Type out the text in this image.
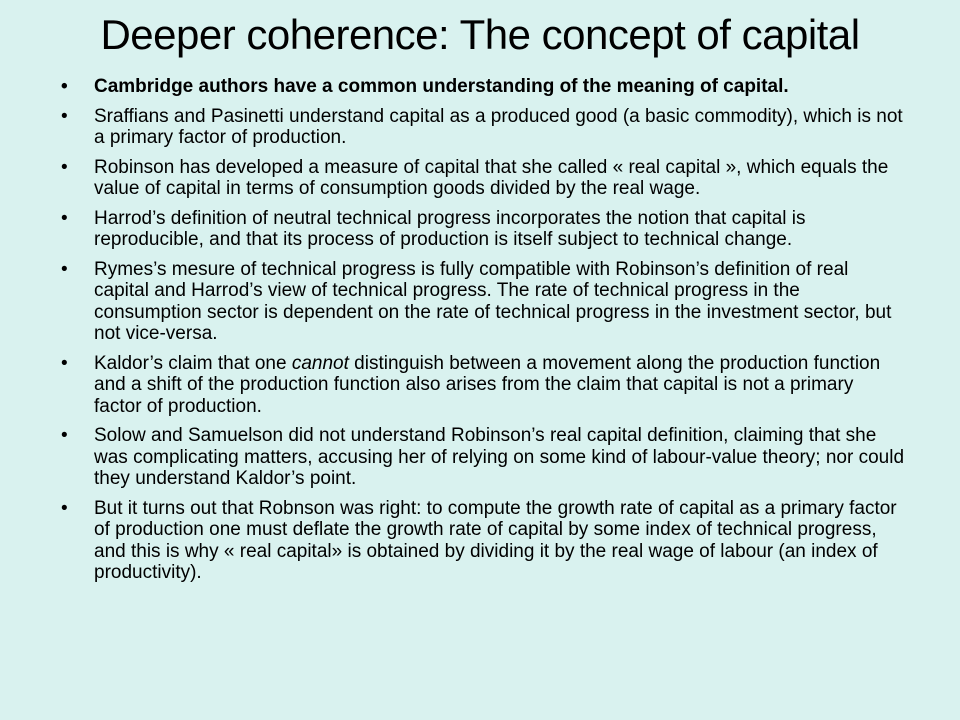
Deeper coherence: The concept of capital
• Cambridge authors have a common understanding of the meaning of capital.
• Sraffians and Pasinetti understand capital as a produced good (a basic commodity), which is not a primary factor of production.
• Robinson has developed a measure of capital that she called « real capital », which equals the value of capital in terms of consumption goods divided by the real wage.
• Harrod’s definition of neutral technical progress incorporates the notion that capital is reproducible, and that its process of production is itself subject to technical change.
• Rymes’s mesure of technical progress is fully compatible with Robinson’s definition of real capital and Harrod’s view of technical progress. The rate of technical progress in the consumption sector is dependent on the rate of technical progress in the investment sector, but not vice-versa.
• Kaldor’s claim that one cannot distinguish between a movement along the production function and a shift of the production function also arises from the claim that capital is not a primary factor of production.
• Solow and Samuelson did not understand Robinson’s real capital definition, claiming that she was complicating matters, accusing her of relying on some kind of labour-value theory; nor could they understand Kaldor’s point.
• But it turns out that Robnson was right: to compute the growth rate of capital as a primary factor of production one must deflate the growth rate of capital by some index of technical progress, and this is why « real capital» is obtained by dividing it by the real wage of labour (an index of productivity).
